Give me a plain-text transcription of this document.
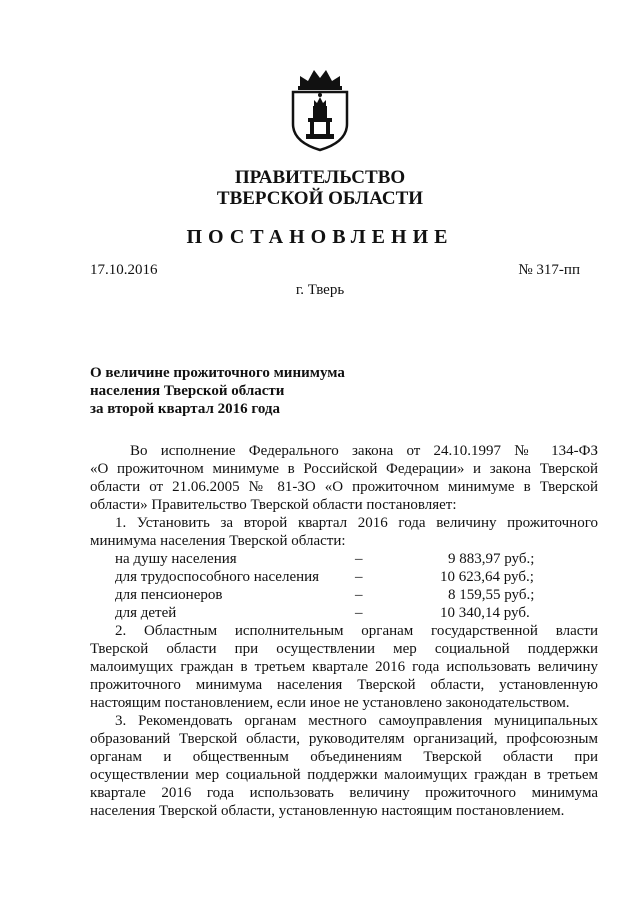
ПРАВИТЕЛЬСТВО
ТВЕРСКОЙ ОБЛАСТИ
ПОСТАНОВЛЕНИЕ
17.10.2016	№ 317-пп
г. Тверь
О величине прожиточного минимума
населения Тверской области
за второй квартал 2016 года
Во исполнение Федерального закона от 24.10.1997 № 134-ФЗ
«О прожиточном минимуме в Российской Федерации» и закона Тверской
области от 21.06.2005 № 81-ЗО «О прожиточном минимуме в Тверской
области» Правительство Тверской области постановляет:
1. Установить за второй квартал 2016 года величину прожиточного
минимума населения Тверской области:
на душу населения	–	9 883,97 руб.;
для трудоспособного населения –	10 623,64 руб.;
для пенсионеров	–	8 159,55 руб.;
для детей	–	10 340,14 руб.
2. Областным исполнительным органам государственной власти
Тверской области при осуществлении мер социальной поддержки
малоимущих граждан в третьем квартале 2016 года использовать величину
прожиточного минимума населения Тверской области, установленную
настоящим постановлением, если иное не установлено законодательством.
3. Рекомендовать органам местного самоуправления муниципальных
образований Тверской области, руководителям организаций, профсоюзным
органам и общественным объединениям Тверской области при
осуществлении мер социальной поддержки малоимущих граждан в третьем
квартале 2016 года использовать величину прожиточного минимума
населения Тверской области, установленную настоящим постановлением.
